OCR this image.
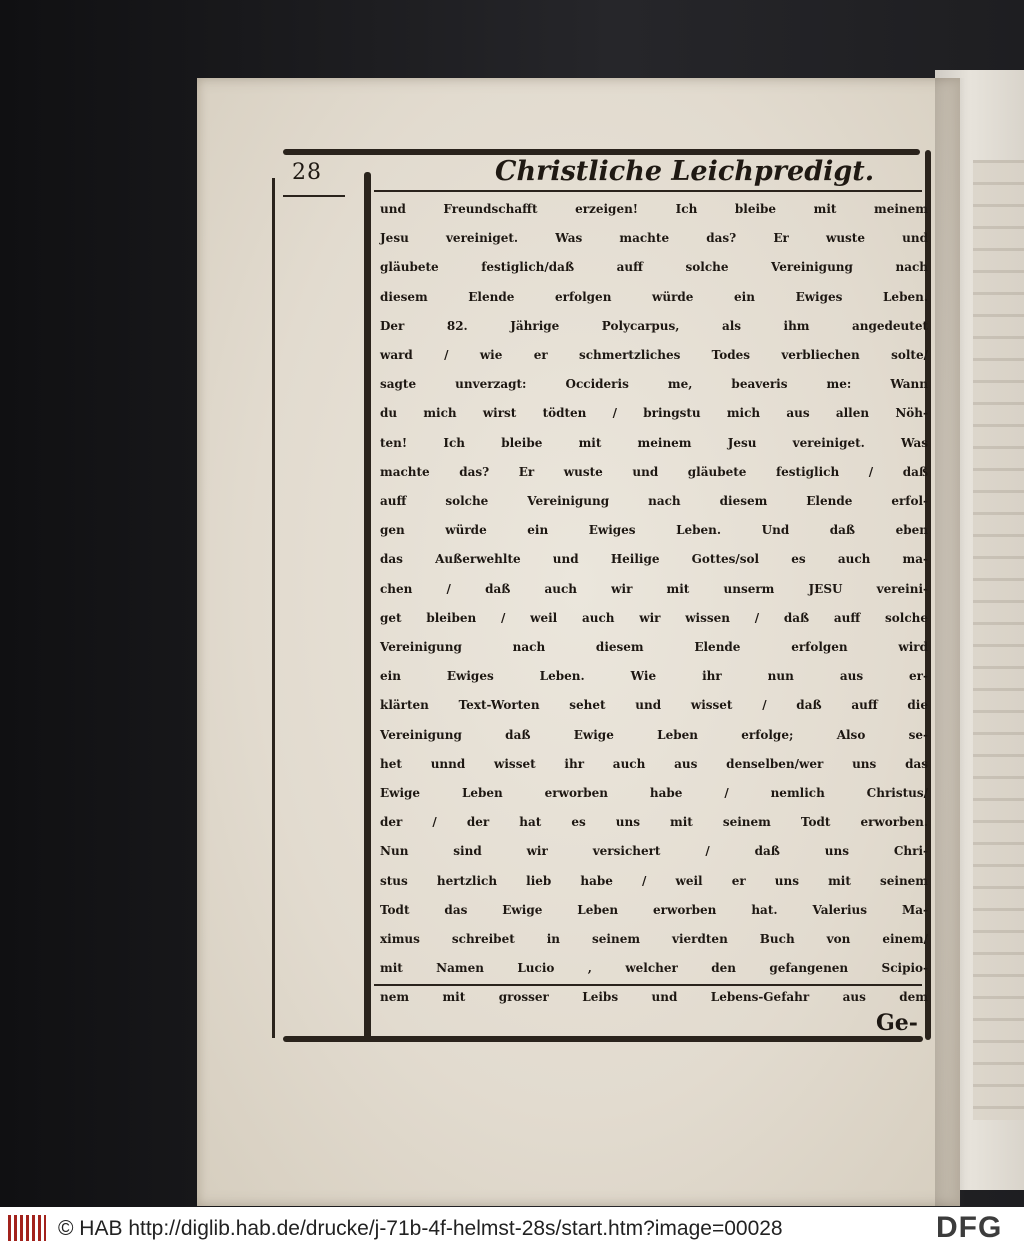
28	Christliche Leichpredigt.
und Freundschafft erzeigen! Ich bleibe mit meinem
Jesu vereiniget. Was machte das? Er wuste und
gläubete festiglich/daß auff solche Vereinigung nach
diesem Elende erfolgen würde ein Ewiges Leben.
Der 82. Jährige Polycarpus, als ihm angedeutet
ward / wie er schmertzliches Todes verbliechen solte/
sagte unverzagt: Occideris me, beaveris me: Wann
du mich wirst tödten / bringstu mich aus allen Nöh-
ten! Ich bleibe mit meinem Jesu vereiniget. Was
machte das? Er wuste und gläubete festiglich / daß
auff solche Vereinigung nach diesem Elende erfol-
gen würde ein Ewiges Leben. Und daß eben
das Außerwehlte und Heilige Gottes/sol es auch ma-
chen / daß auch wir mit unserm JESU vereini-
get bleiben / weil auch wir wissen / daß auff solche
Vereinigung nach diesem Elende erfolgen wird
ein Ewiges Leben. Wie ihr nun aus er-
klärten Text-Worten sehet und wisset / daß auff die
Vereinigung daß Ewige Leben erfolge; Also se-
het unnd wisset ihr auch aus denselben/wer uns das
Ewige Leben erworben habe / nemlich Christus/
der / der hat es uns mit seinem Todt erworben.
Nun sind wir versichert / daß uns Chri-
stus hertzlich lieb habe / weil er uns mit seinem
Todt das Ewige Leben erworben hat. Valerius Ma-
ximus schreibet in seinem vierdten Buch von einem/
mit Namen Lucio , welcher den gefangenen Scipio-
nem mit grosser Leibs und Lebens-Gefahr aus dem
Ge-
© HAB http://diglib.hab.de/drucke/j-71b-4f-helmst-28s/start.htm?image=00028	DFG
